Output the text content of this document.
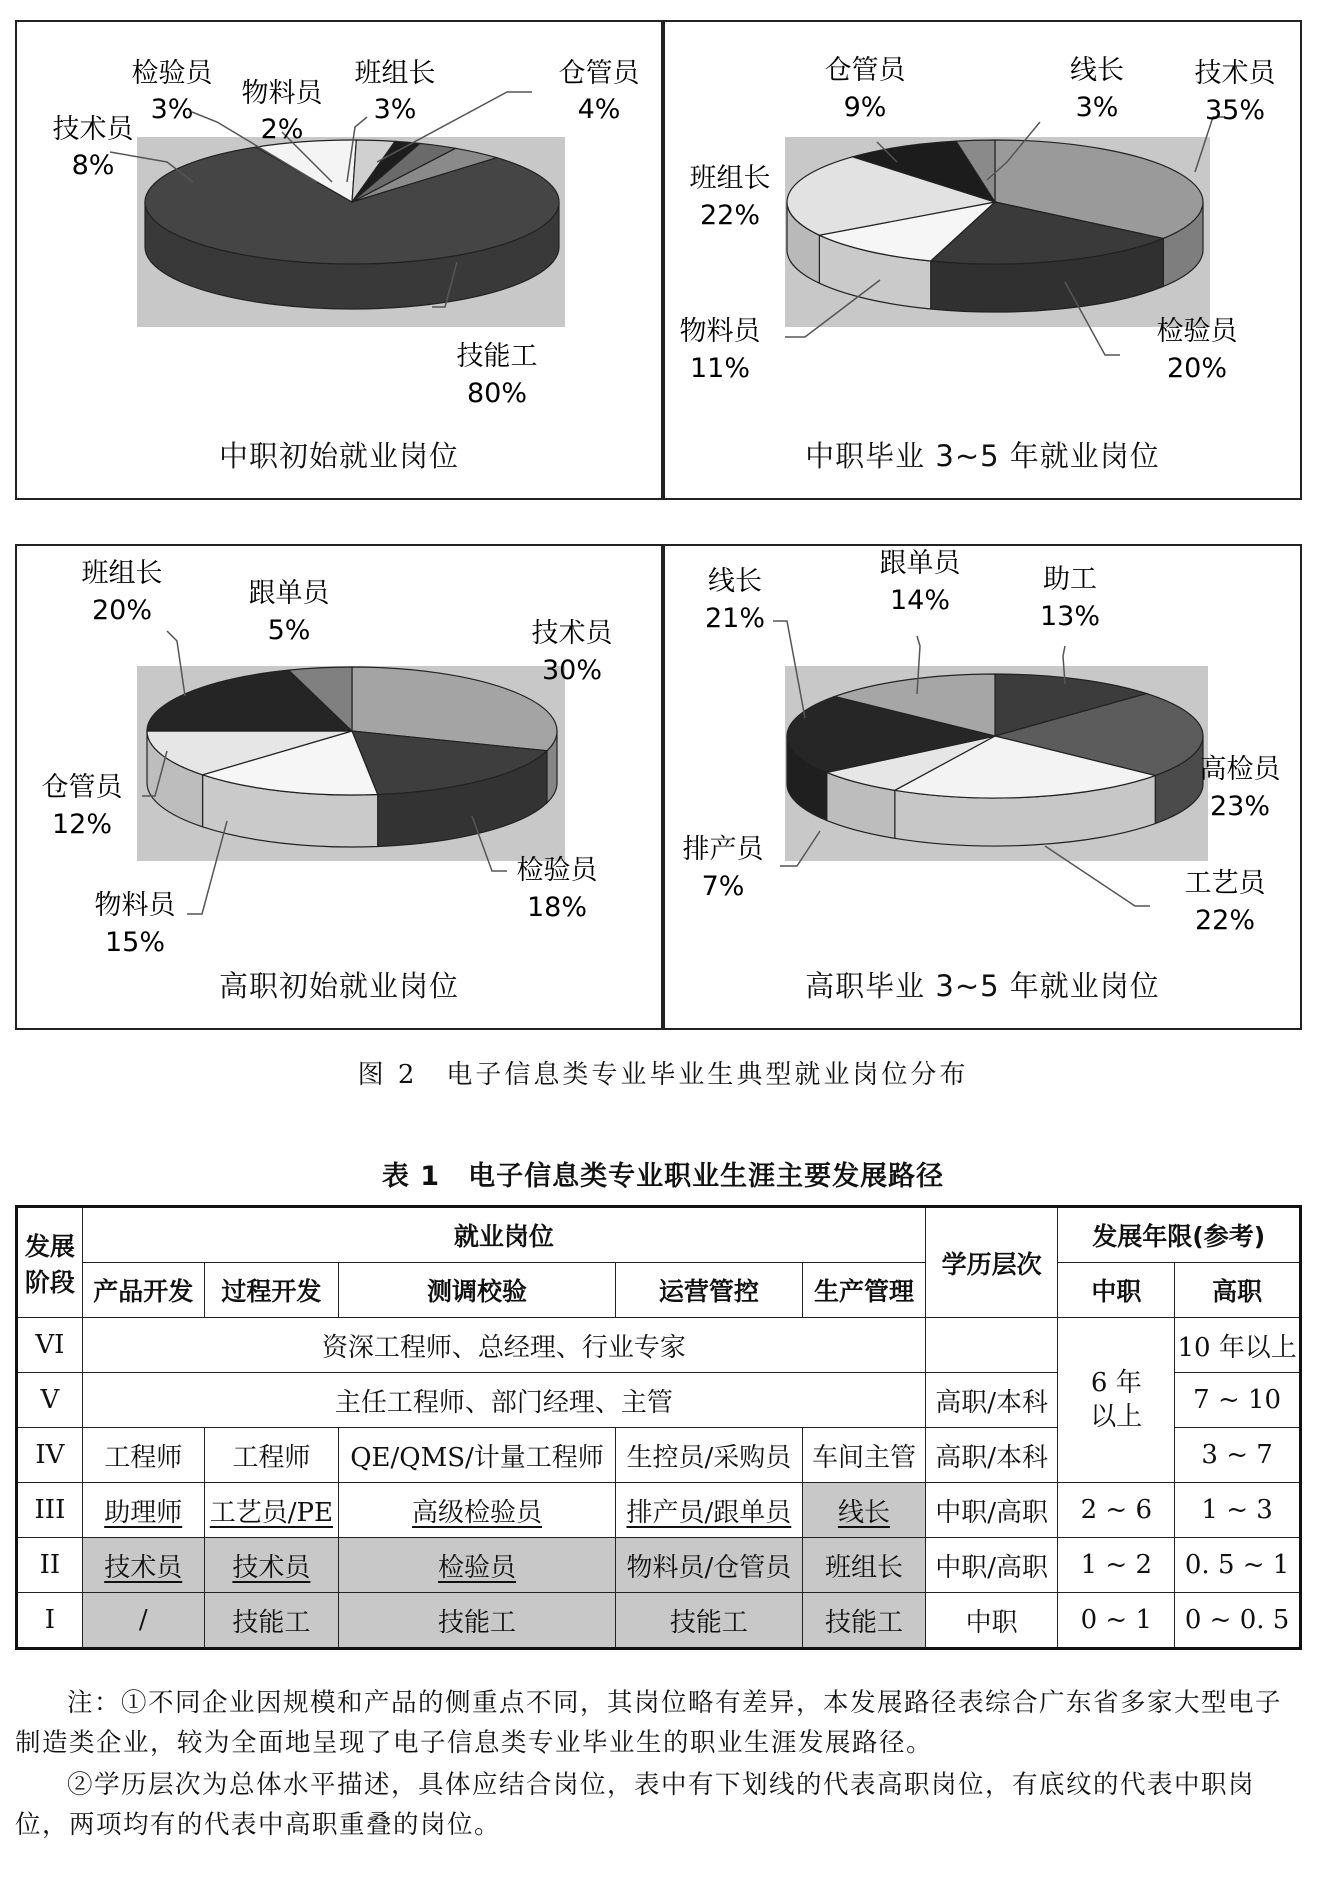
检验员
3%
物料员
2%
班组长
3%
仓管员
4%
技术员
8%
技能工
80%
中职初始就业岗位
仓管员
9%
线长
3%
技术员
35%
班组长
22%
物料员
11%
检验员
20%
中职毕业 3~5 年就业岗位
班组长
20%
跟单员
5%	技术员
30%
仓管员
12%
检验员
18%
物料员
15%
高职初始就业岗位
线长
21%
跟单员
14%
助工
13%
高检员
23%
排产员
7%	工艺员
22%
高职毕业 3~5 年就业岗位
图 2　电子信息类专业毕业生典型就业岗位分布
表 1　电子信息类专业职业生涯主要发展路径
发展阶段	就业岗位					学历层次	发展年限(参考)	
	产品开发	过程开发	测调校验	运营管控	生产管理		中职	高职
VI	资深工程师、总经理、行业专家						6 年以上	10 年以上
V	主任工程师、部门经理、主管					高职/本科		7 ~ 10
IV	工程师	工程师	QE/QMS/计量工程师	生控员/采购员	车间主管	高职/本科		3 ~ 7
III	助理师	工艺员/PE	高级检验员	排产员/跟单员	线长	中职/高职	2 ~ 6	1 ~ 3
II	技术员	技术员	检验员	物料员/仓管员	班组长	中职/高职	1 ~ 2	0. 5 ~ 1
I	/	技能工	技能工	技能工	技能工	中职	0 ~ 1	0 ~ 0. 5
注：①不同企业因规模和产品的侧重点不同，其岗位略有差异，本发展路径表综合广东省多家大型电子制造类企业，较为全面地呈现了电子信息类专业毕业生的职业生涯发展路径。
②学历层次为总体水平描述，具体应结合岗位，表中有下划线的代表高职岗位，有底纹的代表中职岗位，两项均有的代表中高职重叠的岗位。
